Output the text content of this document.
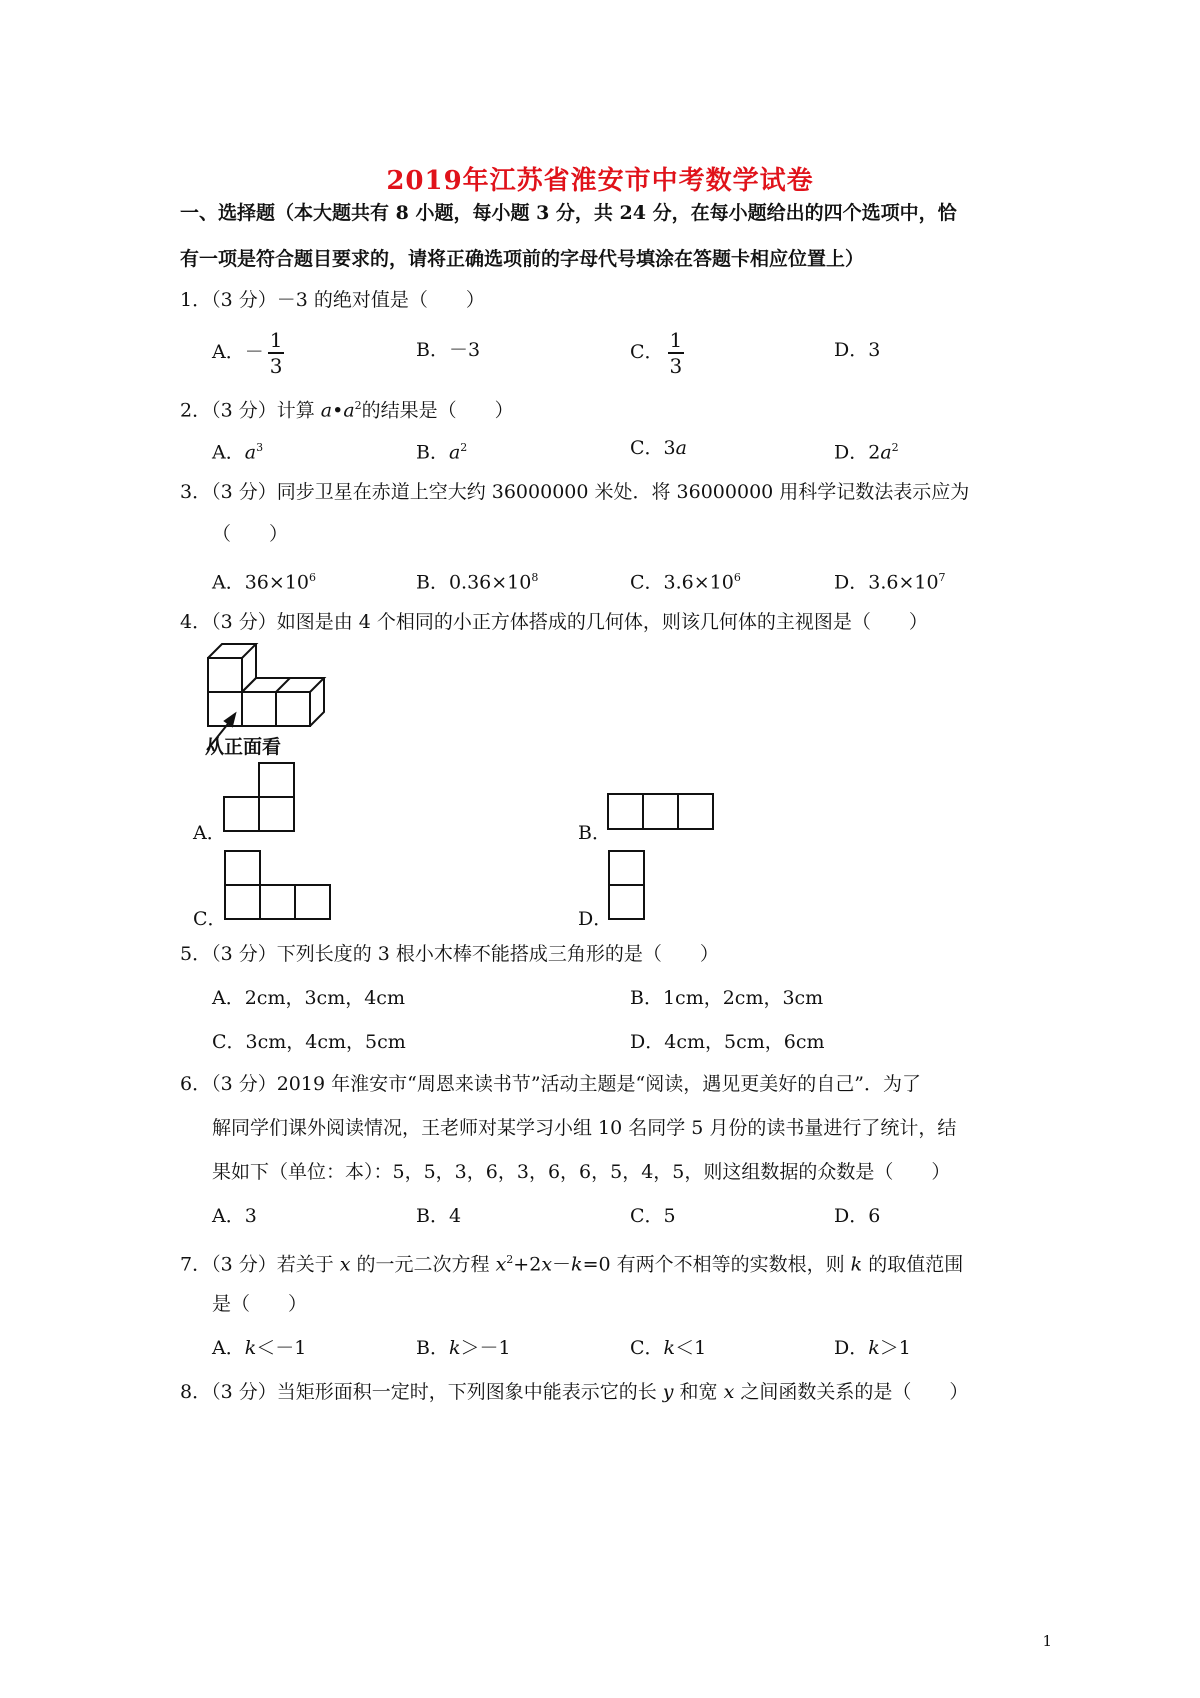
2019年江苏省淮安市中考数学试卷
一、选择题（本大题共有 8 小题，每小题 3 分，共 24 分，在每小题给出的四个选项中，恰
有一项是符合题目要求的，请将正确选项前的字母代号填涂在答题卡相应位置上）
1．（3 分）－3 的绝对值是（　　）
A．－ $\frac{1}{3}$	B．－3	C． $\frac{1}{3}$	D．3
2．（3 分）计算 $a•a^2$的结果是（　　）
A．$a^3$	B．$a^2$	C．3a	D．$2a^2$
3．（3 分）同步卫星在赤道上空大约 36000000 米处．将 36000000 用科学记数法表示应为
（　　）
A．$36\times 10^6$	B．$0.36\times 10^8$	C．$3.6\times 10^6$	D．$3.6\times 10^7$
4．（3 分）如图是由 4 个相同的小正方体搭成的几何体，则该几何体的主视图是（　　）
从正面看
A．	B．
C．	D．
5．（3 分）下列长度的 3 根小木棒不能搭成三角形的是（　　）
A．2cm，3cm，4cm	B．1cm，2cm，3cm
C．3cm，4cm，5cm	D．4cm，5cm，6cm
6．（3 分）2019 年淮安市“周恩来读书节”活动主题是“阅读，遇见更美好的自己”．为了
解同学们课外阅读情况，王老师对某学习小组 10 名同学 5 月份的读书量进行了统计，结
果如下（单位：本）：5，5，3，6，3，6，6，5，4，5，则这组数据的众数是（　　）
A．3	B．4	C．5	D．6
7．（3 分）若关于 x 的一元二次方程 $x^2+2x-k=0$ 有两个不相等的实数根，则 k 的取值范围
是（　　）
A．k＜－1	B．k＞－1	C．k＜1	D．k＞1
8．（3 分）当矩形面积一定时，下列图象中能表示它的长 y 和宽 x 之间函数关系的是（　　）
1
